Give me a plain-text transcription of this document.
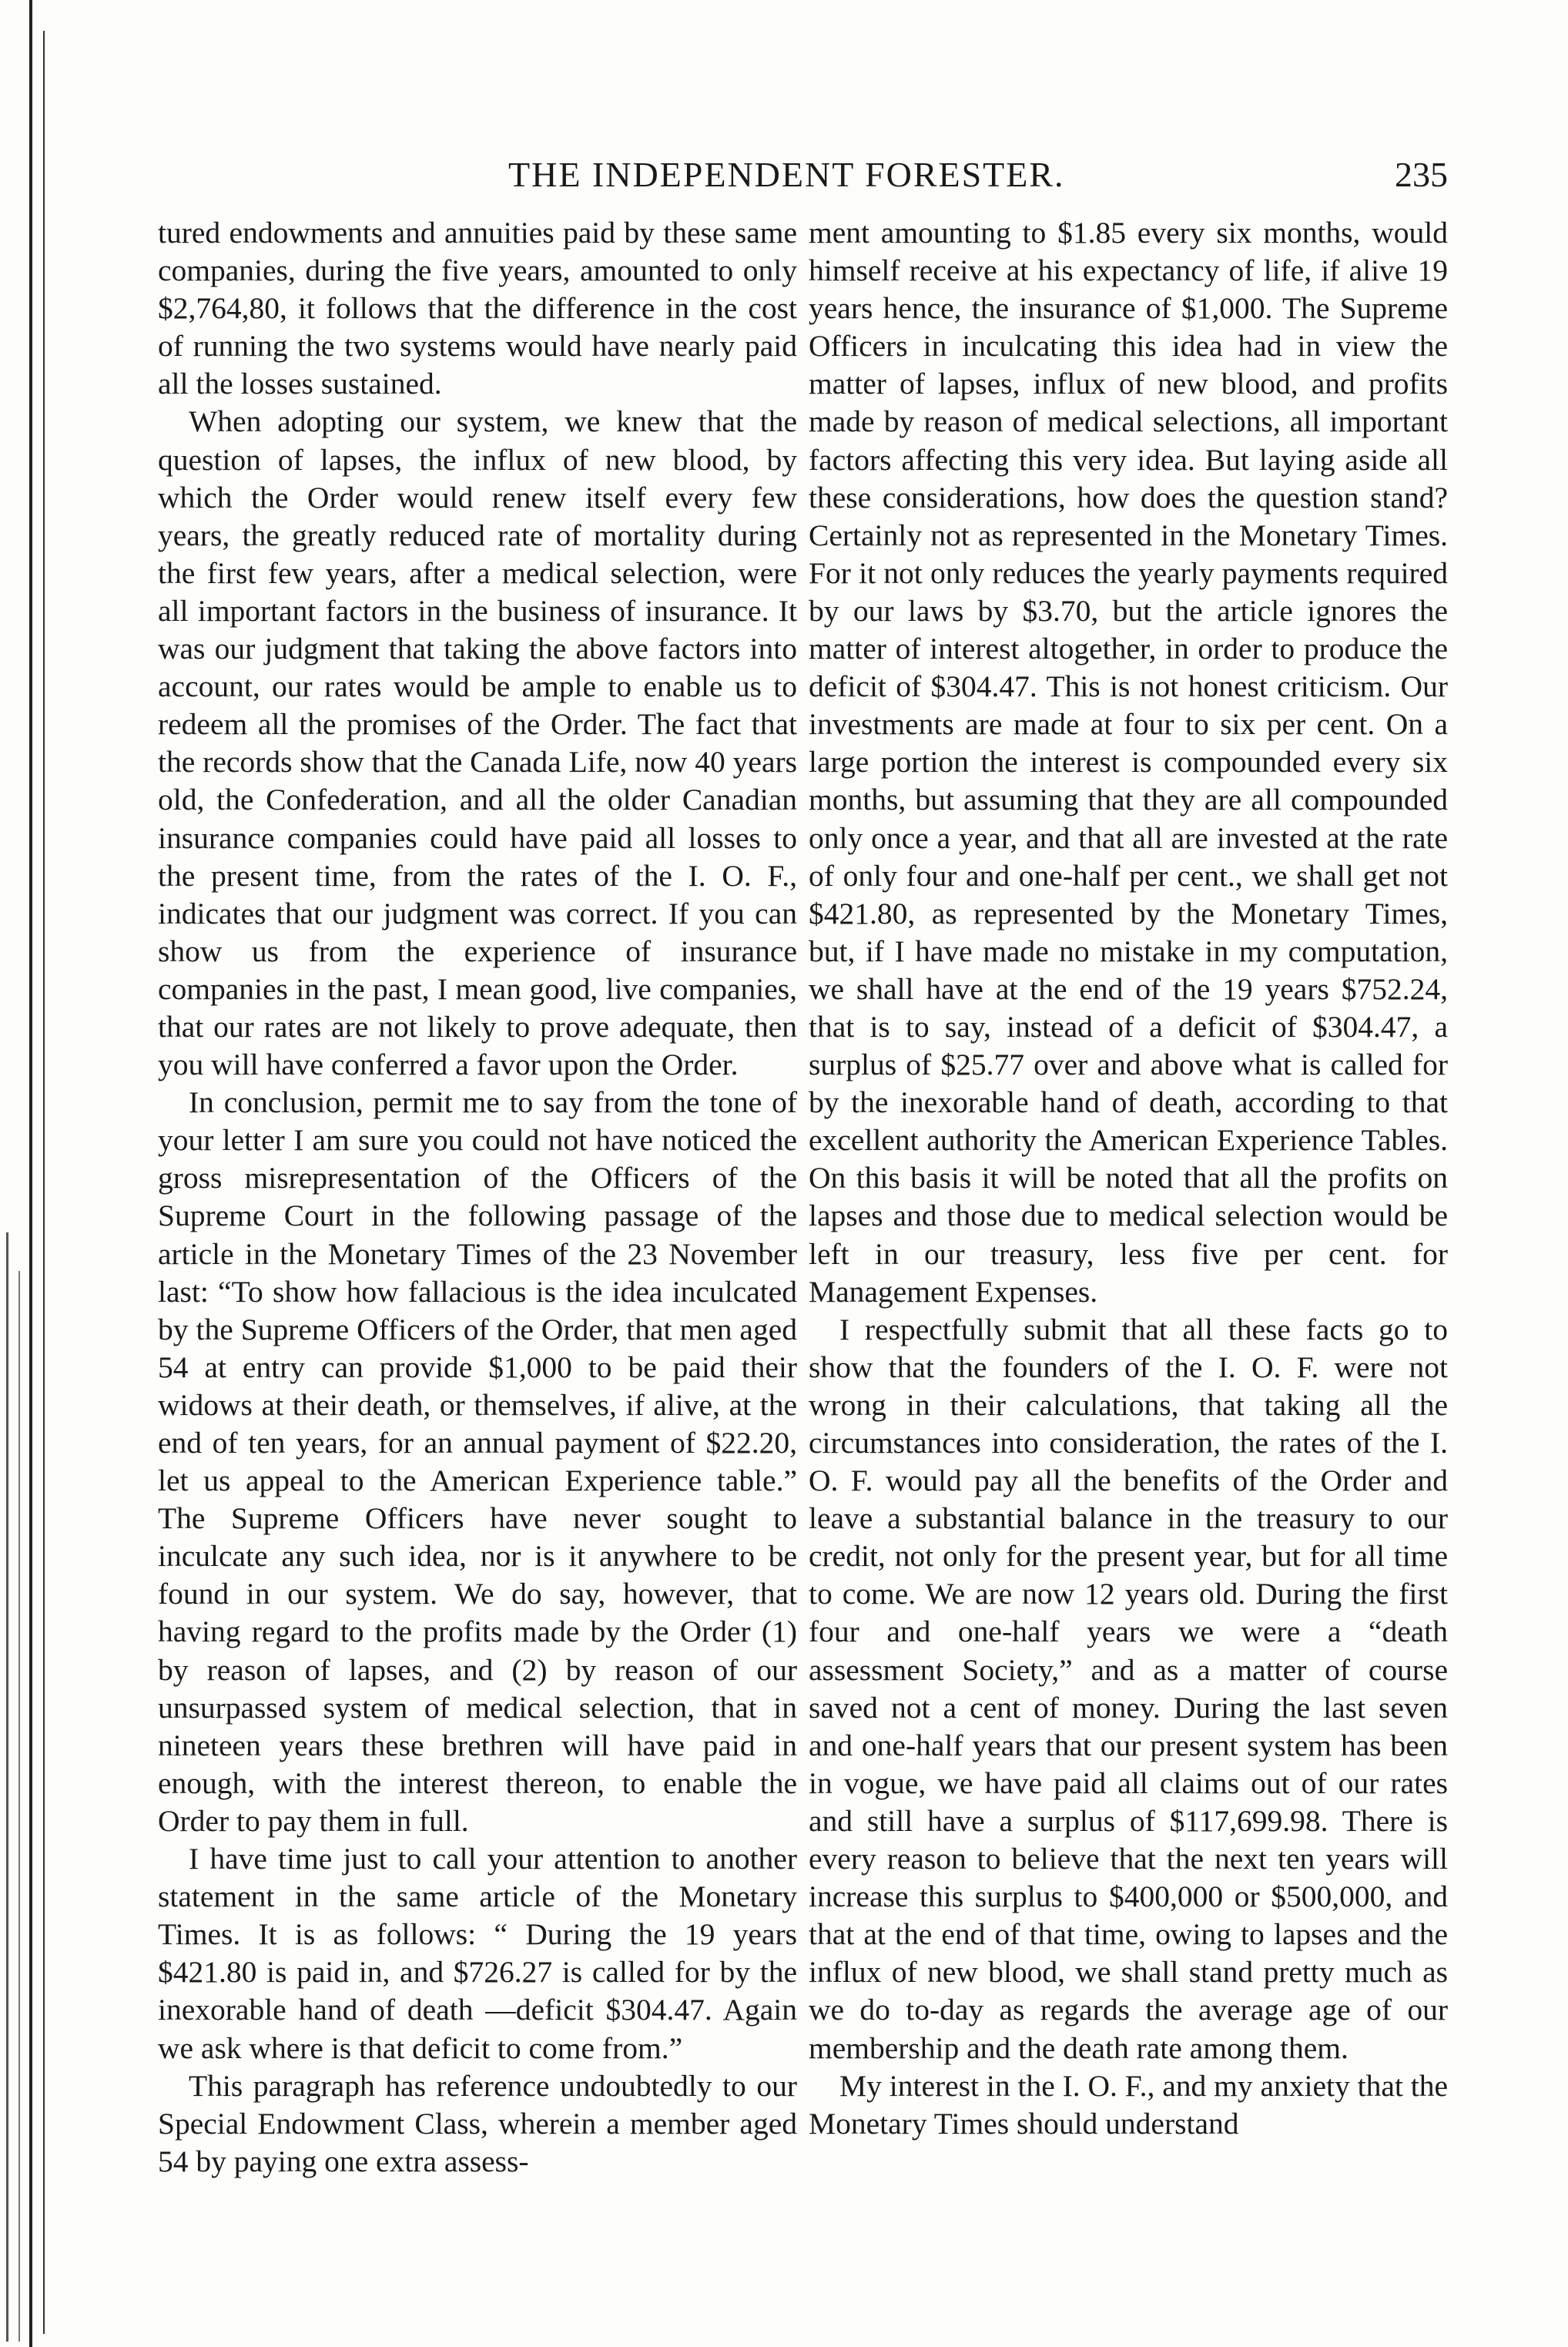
THE INDEPENDENT FORESTER.	235

tured endowments and annuities paid by these same companies, during the five years, amounted to only $2,764,80, it follows that the difference in the cost of running the two systems would have nearly paid all the losses sustained.

When adopting our system, we knew that the question of lapses, the influx of new blood, by which the Order would renew itself every few years, the greatly reduced rate of mortality during the first few years, after a medical selection, were all important factors in the business of insurance. It was our judgment that taking the above factors into account, our rates would be ample to enable us to redeem all the promises of the Order. The fact that the records show that the Canada Life, now 40 years old, the Confederation, and all the older Canadian insurance companies could have paid all losses to the present time, from the rates of the I. O. F., indicates that our judgment was correct. If you can show us from the experience of insurance companies in the past, I mean good, live companies, that our rates are not likely to prove adequate, then you will have conferred a favor upon the Order.

In conclusion, permit me to say from the tone of your letter I am sure you could not have noticed the gross misrepresentation of the Officers of the Supreme Court in the following passage of the article in the Monetary Times of the 23 November last: “To show how fallacious is the idea inculcated by the Supreme Officers of the Order, that men aged 54 at entry can provide $1,000 to be paid their widows at their death, or themselves, if alive, at the end of ten years, for an annual payment of $22.20, let us appeal to the American Experience table.” The Supreme Officers have never sought to inculcate any such idea, nor is it anywhere to be found in our system. We do say, however, that having regard to the profits made by the Order (1) by reason of lapses, and (2) by reason of our unsurpassed system of medical selection, that in nineteen years these brethren will have paid in enough, with the interest thereon, to enable the Order to pay them in full.

I have time just to call your attention to another statement in the same article of the Monetary Times. It is as follows: “ During the 19 years $421.80 is paid in, and $726.27 is called for by the inexorable hand of death —deficit $304.47. Again we ask where is that deficit to come from.”

This paragraph has reference undoubtedly to our Special Endowment Class, wherein a member aged 54 by paying one extra assess-

ment amounting to $1.85 every six months, would himself receive at his expectancy of life, if alive 19 years hence, the insurance of $1,000. The Supreme Officers in inculcating this idea had in view the matter of lapses, influx of new blood, and profits made by reason of medical selections, all important factors affecting this very idea. But laying aside all these considerations, how does the question stand? Certainly not as represented in the Monetary Times. For it not only reduces the yearly payments required by our laws by $3.70, but the article ignores the matter of interest altogether, in order to produce the deficit of $304.47. This is not honest criticism. Our investments are made at four to six per cent. On a large portion the interest is compounded every six months, but assuming that they are all compounded only once a year, and that all are invested at the rate of only four and one-half per cent., we shall get not $421.80, as represented by the Monetary Times, but, if I have made no mistake in my computation, we shall have at the end of the 19 years $752.24, that is to say, instead of a deficit of $304.47, a surplus of $25.77 over and above what is called for by the inexorable hand of death, according to that excellent authority the American Experience Tables. On this basis it will be noted that all the profits on lapses and those due to medical selection would be left in our treasury, less five per cent. for Management Expenses.

I respectfully submit that all these facts go to show that the founders of the I. O. F. were not wrong in their calculations, that taking all the circumstances into consideration, the rates of the I. O. F. would pay all the benefits of the Order and leave a substantial balance in the treasury to our credit, not only for the present year, but for all time to come. We are now 12 years old. During the first four and one-half years we were a “death assessment Society,” and as a matter of course saved not a cent of money. During the last seven and one-half years that our present system has been in vogue, we have paid all claims out of our rates and still have a surplus of $117,699.98. There is every reason to believe that the next ten years will increase this surplus to $400,000 or $500,000, and that at the end of that time, owing to lapses and the influx of new blood, we shall stand pretty much as we do to-day as regards the average age of our membership and the death rate among them.

My interest in the I. O. F., and my anxiety that the Monetary Times should understand
